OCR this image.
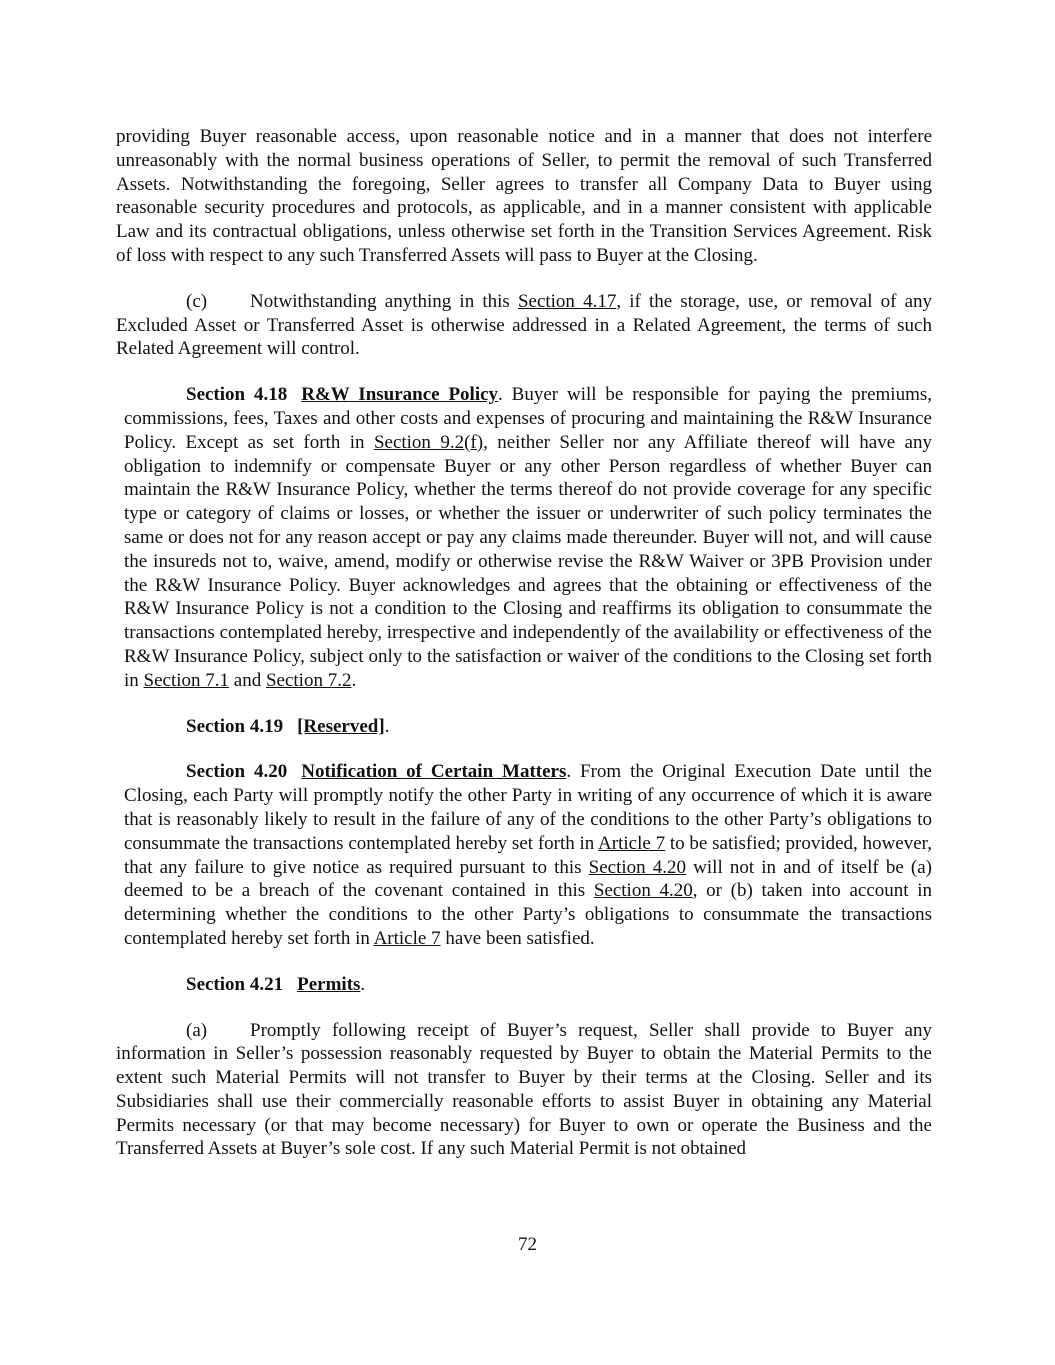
providing Buyer reasonable access, upon reasonable notice and in a manner that does not interfere unreasonably with the normal business operations of Seller, to permit the removal of such Transferred Assets. Notwithstanding the foregoing, Seller agrees to transfer all Company Data to Buyer using reasonable security procedures and protocols, as applicable, and in a manner consistent with applicable Law and its contractual obligations, unless otherwise set forth in the Transition Services Agreement. Risk of loss with respect to any such Transferred Assets will pass to Buyer at the Closing.

(c) Notwithstanding anything in this Section 4.17, if the storage, use, or removal of any Excluded Asset or Transferred Asset is otherwise addressed in a Related Agreement, the terms of such Related Agreement will control.

Section 4.18 R&W Insurance Policy. Buyer will be responsible for paying the premiums, commissions, fees, Taxes and other costs and expenses of procuring and maintaining the R&W Insurance Policy. Except as set forth in Section 9.2(f), neither Seller nor any Affiliate thereof will have any obligation to indemnify or compensate Buyer or any other Person regardless of whether Buyer can maintain the R&W Insurance Policy, whether the terms thereof do not provide coverage for any specific type or category of claims or losses, or whether the issuer or underwriter of such policy terminates the same or does not for any reason accept or pay any claims made thereunder. Buyer will not, and will cause the insureds not to, waive, amend, modify or otherwise revise the R&W Waiver or 3PB Provision under the R&W Insurance Policy. Buyer acknowledges and agrees that the obtaining or effectiveness of the R&W Insurance Policy is not a condition to the Closing and reaffirms its obligation to consummate the transactions contemplated hereby, irrespective and independently of the availability or effectiveness of the R&W Insurance Policy, subject only to the satisfaction or waiver of the conditions to the Closing set forth in Section 7.1 and Section 7.2.

Section 4.19 [Reserved].

Section 4.20 Notification of Certain Matters. From the Original Execution Date until the Closing, each Party will promptly notify the other Party in writing of any occurrence of which it is aware that is reasonably likely to result in the failure of any of the conditions to the other Party’s obligations to consummate the transactions contemplated hereby set forth in Article 7 to be satisfied; provided, however, that any failure to give notice as required pursuant to this Section 4.20 will not in and of itself be (a) deemed to be a breach of the covenant contained in this Section 4.20, or (b) taken into account in determining whether the conditions to the other Party’s obligations to consummate the transactions contemplated hereby set forth in Article 7 have been satisfied.

Section 4.21 Permits.

(a) Promptly following receipt of Buyer’s request, Seller shall provide to Buyer any information in Seller’s possession reasonably requested by Buyer to obtain the Material Permits to the extent such Material Permits will not transfer to Buyer by their terms at the Closing. Seller and its Subsidiaries shall use their commercially reasonable efforts to assist Buyer in obtaining any Material Permits necessary (or that may become necessary) for Buyer to own or operate the Business and the Transferred Assets at Buyer’s sole cost. If any such Material Permit is not obtained

72
